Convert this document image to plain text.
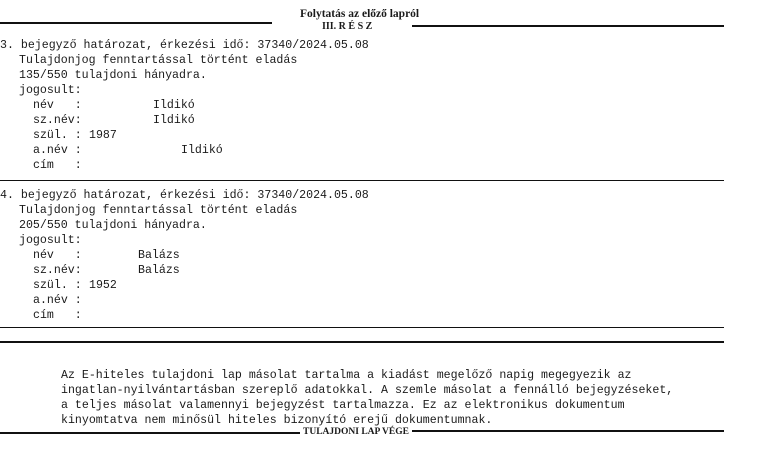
Folytatás az előző lapról
III. R É S Z
3. bejegyző határozat, érkezési idő: 37340/2024.05.08
Tulajdonjog fenntartással történt eladás
135/550 tulajdoni hányadra.
jogosult:
név   :	Ildikó
sz.név:	Ildikó
szül. : 1987
a.név :	Ildikó
cím   :
4. bejegyző határozat, érkezési idő: 37340/2024.05.08
Tulajdonjog fenntartással történt eladás
205/550 tulajdoni hányadra.
jogosult:
név   :	Balázs
sz.név:	Balázs
szül. : 1952
a.név :
cím   :
Az E-hiteles tulajdoni lap másolat tartalma a kiadást megelőző napig megegyezik az
ingatlan-nyilvántartásban szereplő adatokkal. A szemle másolat a fennálló bejegyzéseket,
a teljes másolat valamennyi bejegyzést tartalmazza. Ez az elektronikus dokumentum
kinyomtatva nem minősül hiteles bizonyító erejű dokumentumnak.
TULAJDONI LAP VÉGE
